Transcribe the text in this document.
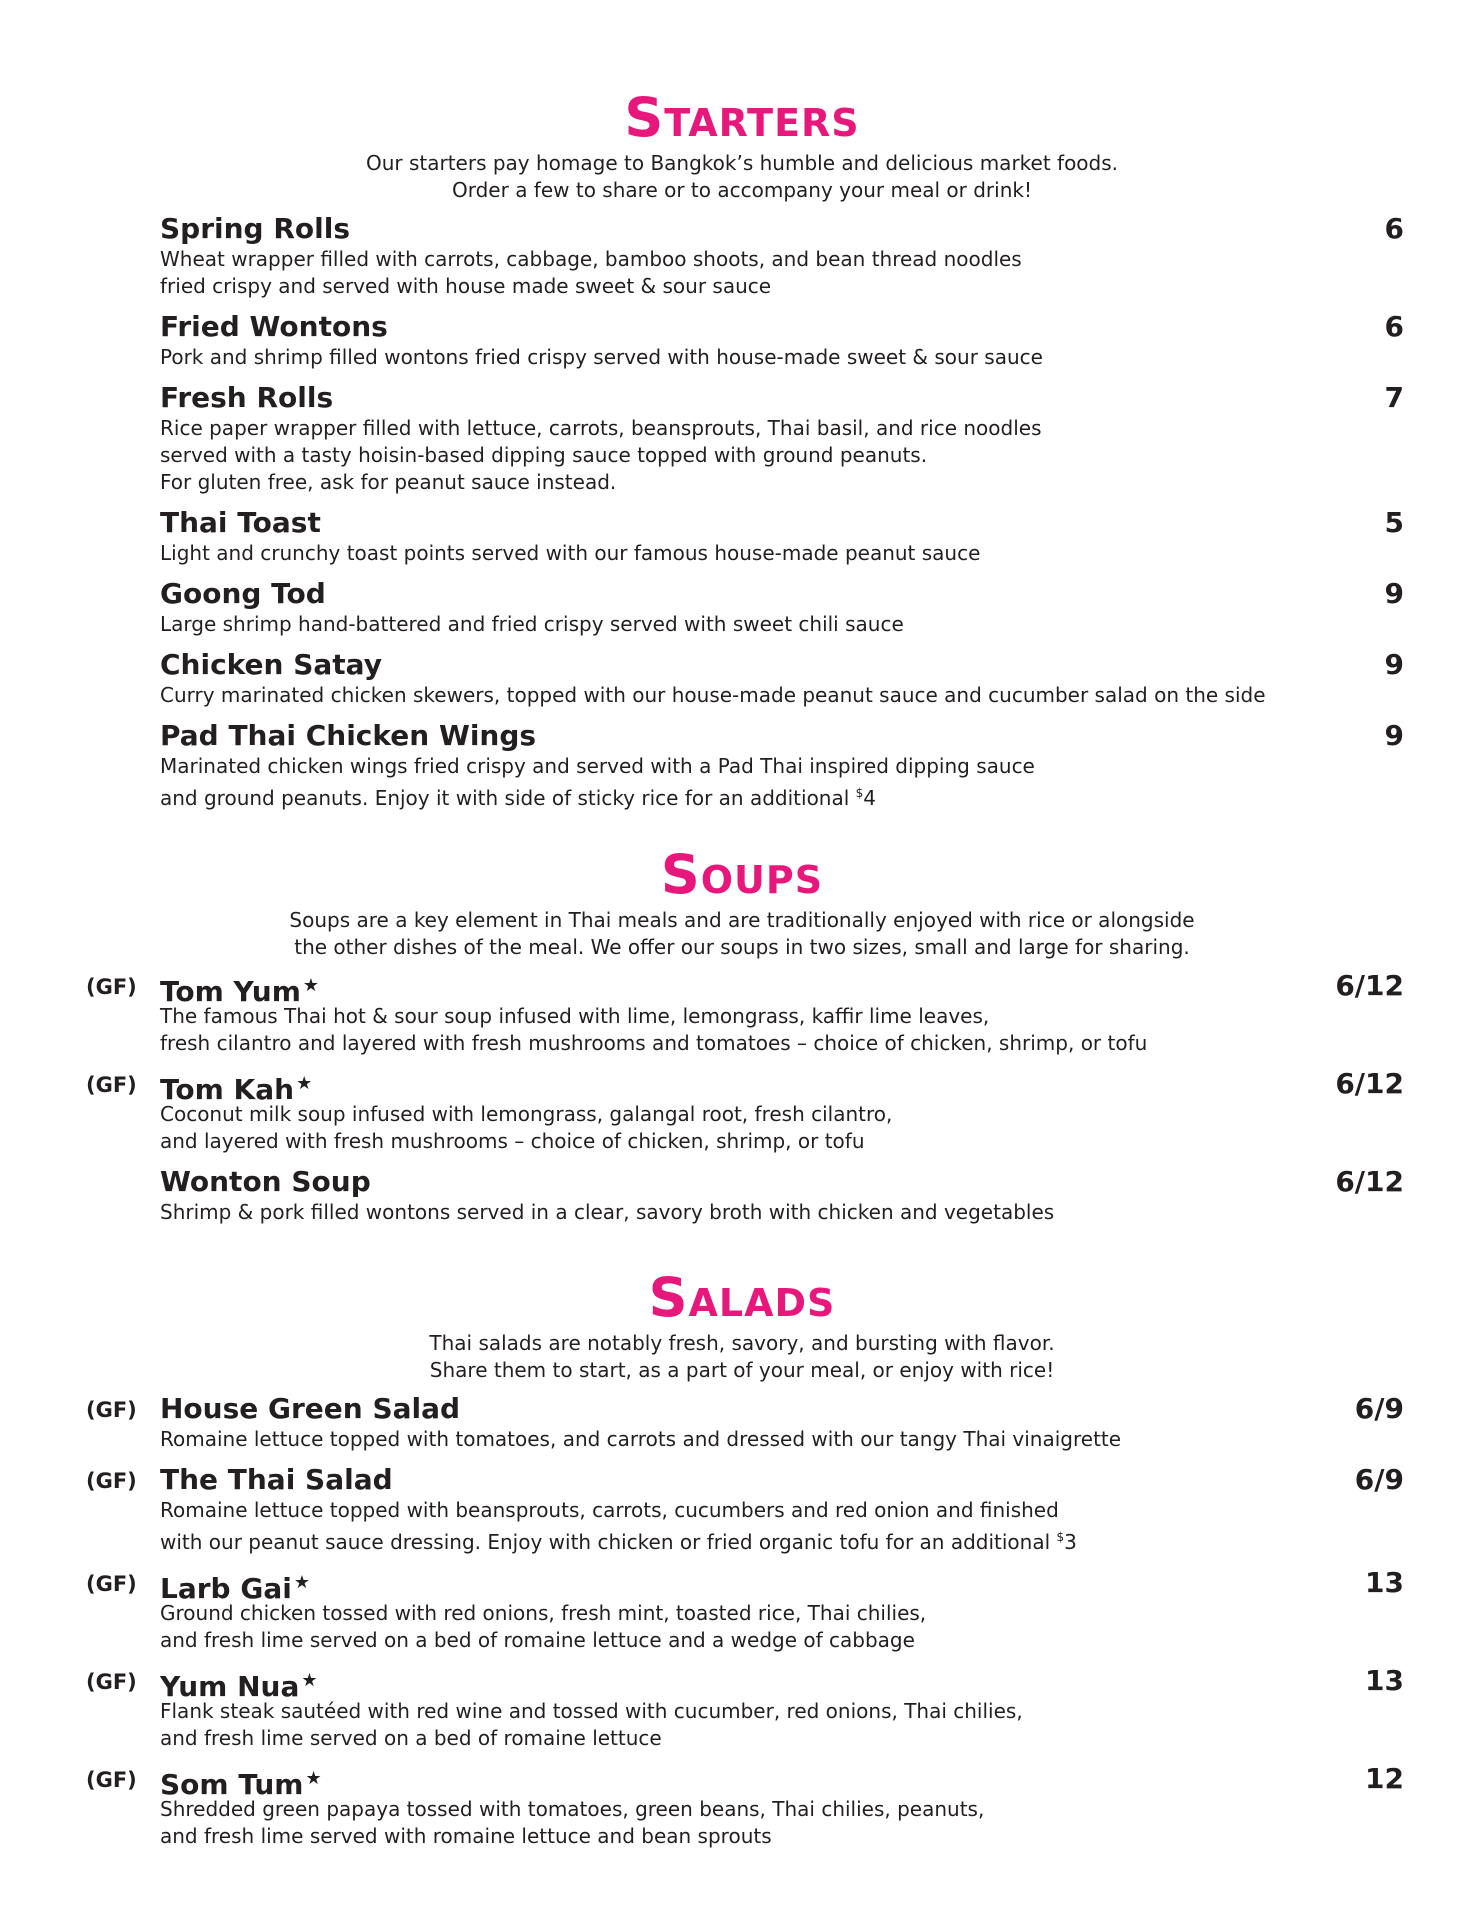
Starters
Our starters pay homage to Bangkok’s humble and delicious market foods.
Order a few to share or to accompany your meal or drink!
Spring Rolls	6
Wheat wrapper filled with carrots, cabbage, bamboo shoots, and bean thread noodles
fried crispy and served with house made sweet & sour sauce
Fried Wontons	6
Pork and shrimp filled wontons fried crispy served with house-made sweet & sour sauce
Fresh Rolls	7
Rice paper wrapper filled with lettuce, carrots, beansprouts, Thai basil, and rice noodles
served with a tasty hoisin-based dipping sauce topped with ground peanuts.
For gluten free, ask for peanut sauce instead.
Thai Toast	5
Light and crunchy toast points served with our famous house-made peanut sauce
Goong Tod	9
Large shrimp hand-battered and fried crispy served with sweet chili sauce
Chicken Satay	9
Curry marinated chicken skewers, topped with our house-made peanut sauce and cucumber salad on the side
Pad Thai Chicken Wings	9
Marinated chicken wings fried crispy and served with a Pad Thai inspired dipping sauce
and ground peanuts. Enjoy it with side of sticky rice for an additional $4
Soups
Soups are a key element in Thai meals and are traditionally enjoyed with rice or alongside
the other dishes of the meal. We offer our soups in two sizes, small and large for sharing.
(GF) Tom Yum ★	6/12
The famous Thai hot & sour soup infused with lime, lemongrass, kaffir lime leaves,
fresh cilantro and layered with fresh mushrooms and tomatoes – choice of chicken, shrimp, or tofu
(GF) Tom Kah ★	6/12
Coconut milk soup infused with lemongrass, galangal root, fresh cilantro,
and layered with fresh mushrooms – choice of chicken, shrimp, or tofu
Wonton Soup	6/12
Shrimp & pork filled wontons served in a clear, savory broth with chicken and vegetables
Salads
Thai salads are notably fresh, savory, and bursting with flavor.
Share them to start, as a part of your meal, or enjoy with rice!
(GF) House Green Salad	6/9
Romaine lettuce topped with tomatoes, and carrots and dressed with our tangy Thai vinaigrette
(GF) The Thai Salad	6/9
Romaine lettuce topped with beansprouts, carrots, cucumbers and red onion and finished
with our peanut sauce dressing. Enjoy with chicken or fried organic tofu for an additional $3
(GF) Larb Gai ★	13
Ground chicken tossed with red onions, fresh mint, toasted rice, Thai chilies,
and fresh lime served on a bed of romaine lettuce and a wedge of cabbage
(GF) Yum Nua ★	13
Flank steak sautéed with red wine and tossed with cucumber, red onions, Thai chilies,
and fresh lime served on a bed of romaine lettuce
(GF) Som Tum ★	12
Shredded green papaya tossed with tomatoes, green beans, Thai chilies, peanuts,
and fresh lime served with romaine lettuce and bean sprouts
